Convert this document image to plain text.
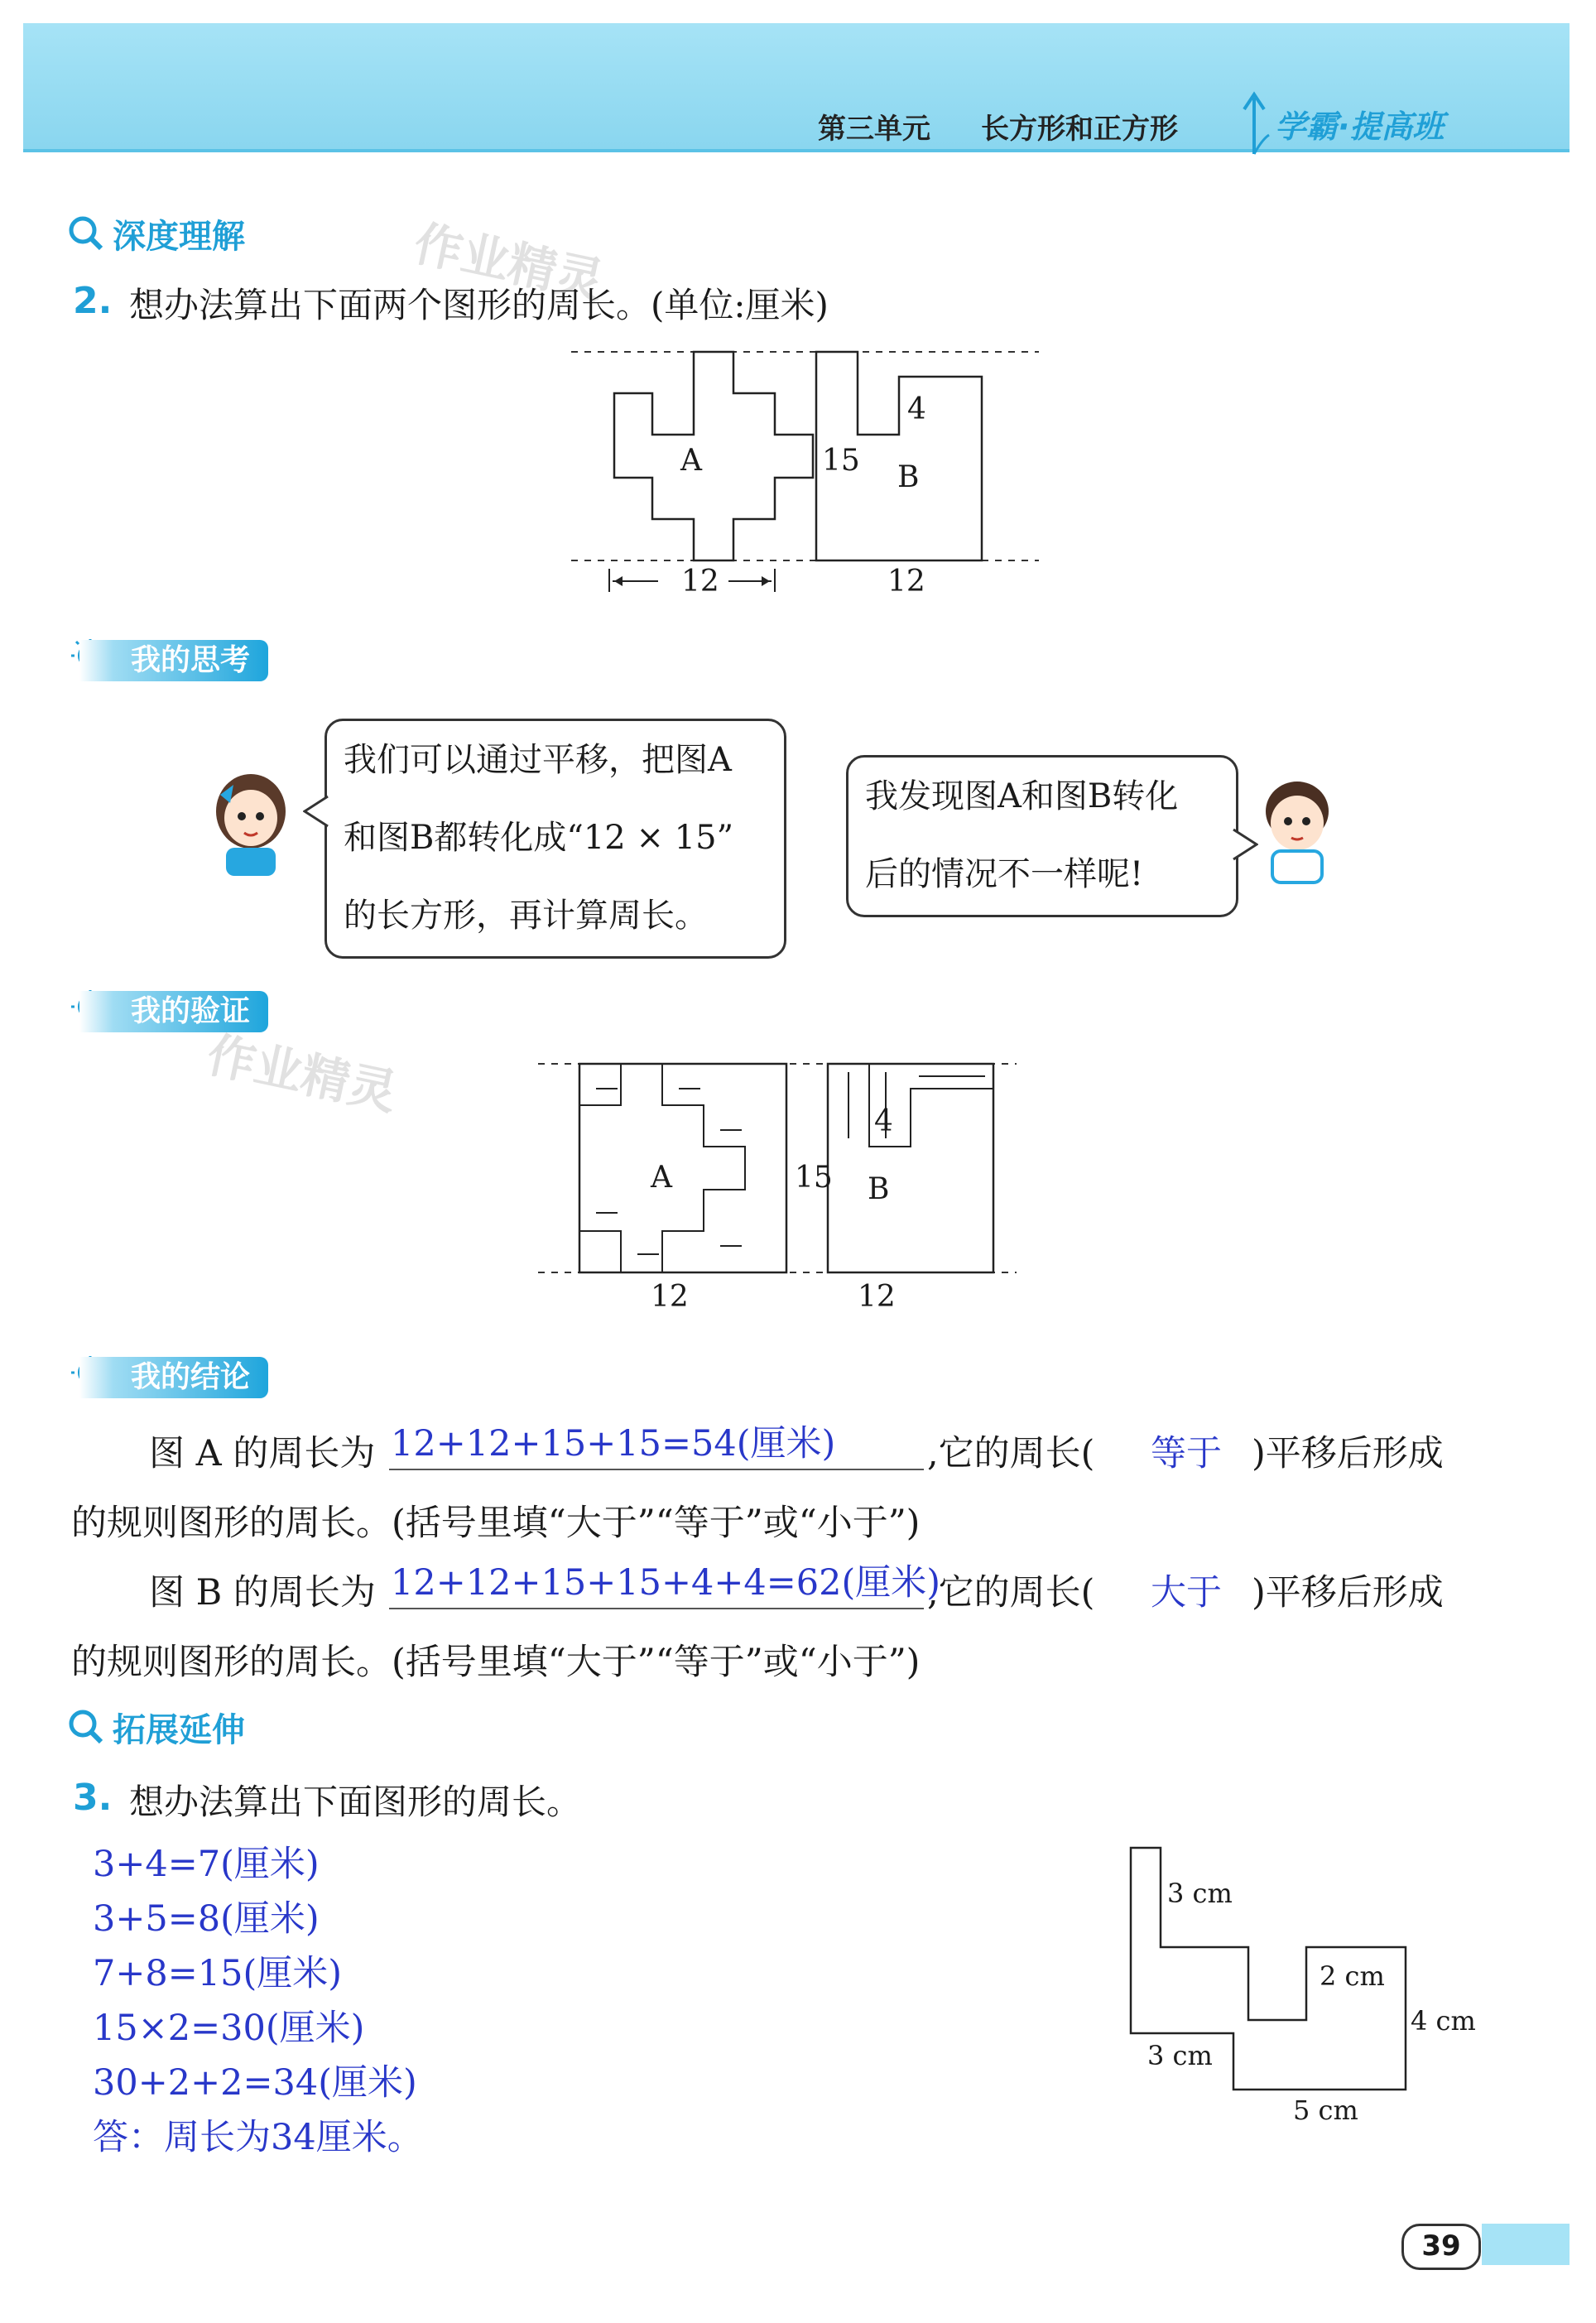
第三单元 长方形和正方形	学霸·提高班
深度理解	作业精灵
2. 想办法算出下面两个图形的周长。(单位:厘米)
A
12
15 B
4
12
我的思考
我们可以通过平移，把图A
和图B都转化成“12 × 15”
的长方形，再计算周长。
我发现图A和图B转化
后的情况不一样呢!
我的验证
作业精灵
A
12
15 B
4
12
我的结论
图 A 的周长为 12+12+15+15=54(厘米)	,它的周长( 等于 )平移后形成
的规则图形的周长。(括号里填“大于”“等于”或“小于”)
图 B 的周长为 12+12+15+15+4+4=62(厘米)
,它的周长( 大于 )平移后形成
的规则图形的周长。(括号里填“大于”“等于”或“小于”)
拓展延伸
3. 想办法算出下面图形的周长。
3+4=7(厘米)
3+5=8(厘米)
7+8=15(厘米)
15×2=30(厘米)
30+2+2=34(厘米)
答：周长为34厘米。
3 cm
2 cm
4 cm
3 cm
5 cm
39
